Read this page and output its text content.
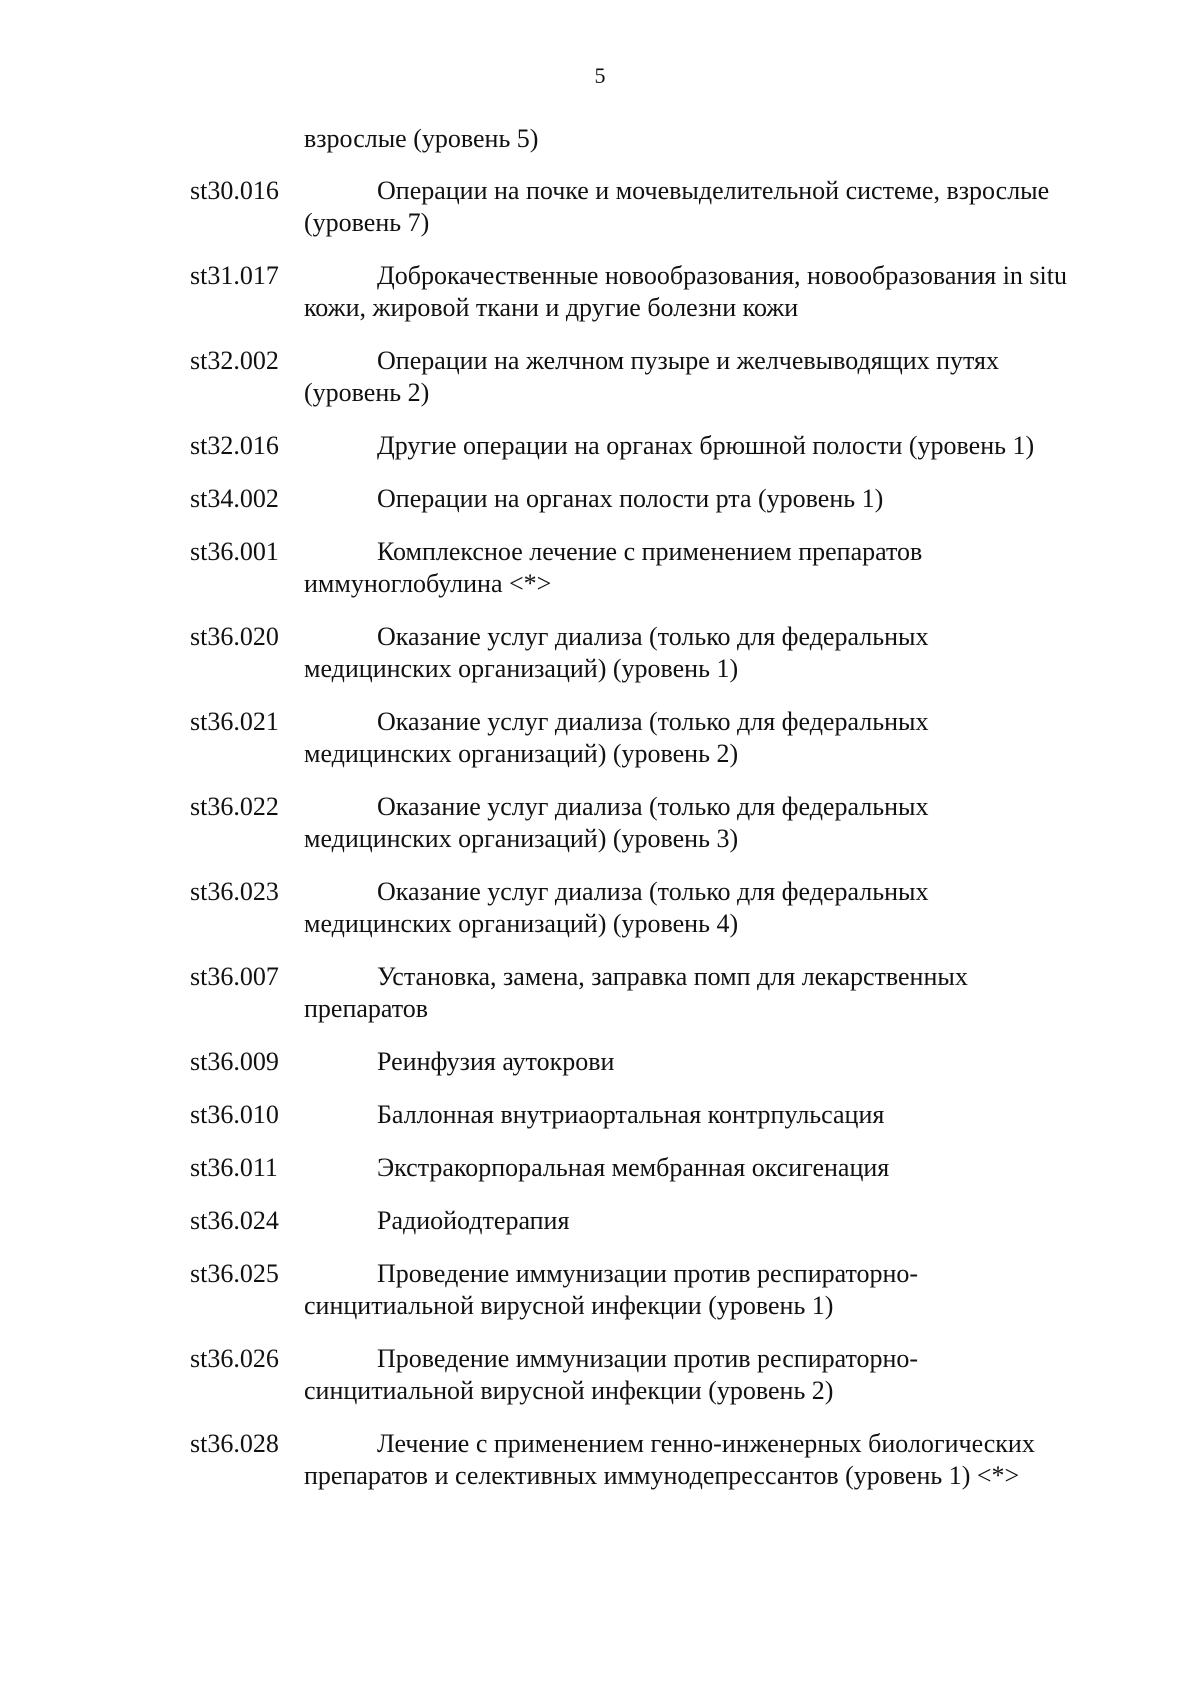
5
взрослые (уровень 5)
st30.016	Операции на почке и мочевыделительной системе, взрослые (уровень 7)
st31.017	Доброкачественные новообразования, новообразования in situ кожи, жировой ткани и другие болезни кожи
st32.002	Операции на желчном пузыре и желчевыводящих путях (уровень 2)
st32.016	Другие операции на органах брюшной полости (уровень 1)
st34.002	Операции на органах полости рта (уровень 1)
st36.001	Комплексное лечение с применением препаратов иммуноглобулина <*>
st36.020	Оказание услуг диализа (только для федеральных медицинских организаций) (уровень 1)
st36.021	Оказание услуг диализа (только для федеральных медицинских организаций) (уровень 2)
st36.022	Оказание услуг диализа (только для федеральных медицинских организаций) (уровень 3)
st36.023	Оказание услуг диализа (только для федеральных медицинских организаций) (уровень 4)
st36.007	Установка, замена, заправка помп для лекарственных препаратов
st36.009	Реинфузия аутокрови
st36.010	Баллонная внутриаортальная контрпульсация
st36.011	Экстракорпоральная мембранная оксигенация
st36.024	Радиойодтерапия
st36.025	Проведение иммунизации против респираторно-синцитиальной вирусной инфекции (уровень 1)
st36.026	Проведение иммунизации против респираторно-синцитиальной вирусной инфекции (уровень 2)
st36.028	Лечение с применением генно-инженерных биологических препаратов и селективных иммунодепрессантов (уровень 1) <*>
